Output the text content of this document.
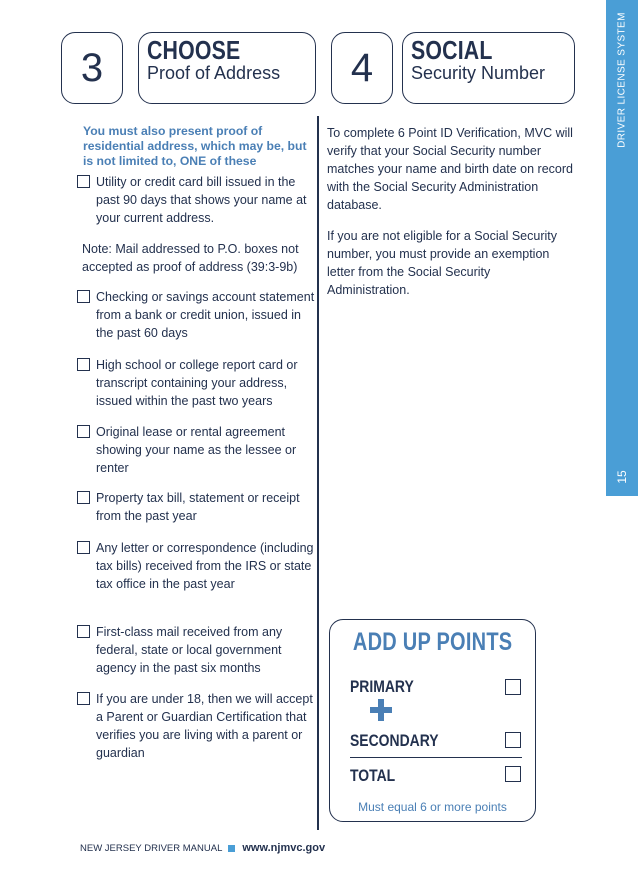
DRIVER LICENSE SYSTEM
15
3 CHOOSE
Proof of Address	4 SOCIAL
Security Number
You must also present proof of residential address, which may be, but is not limited to, ONE of these
Utility or credit card bill issued in the past 90 days that shows your name at your current address.
Note: Mail addressed to P.O. boxes not accepted as proof of address (39:3-9b)
Checking or savings account statement from a bank or credit union, issued in the past 60 days
High school or college report card or transcript containing your address, issued within the past two years
Original lease or rental agreement showing your name as the lessee or renter
Property tax bill, statement or receipt from the past year
Any letter or correspondence (including tax bills) received from the IRS or state tax office in the past year
First-class mail received from any federal, state or local government agency in the past six months
If you are under 18, then we will accept a Parent or Guardian Certification that verifies you are living with a parent or guardian
To complete 6 Point ID Verification, MVC will verify that your Social Security number matches your name and birth date on record with the Social Security Administration database.
If you are not eligible for a Social Security number, you must provide an exemption letter from the Social Security Administration.
ADD UP POINTS
PRIMARY
SECONDARY
TOTAL
Must equal 6 or more points
NEW JERSEY DRIVER MANUAL www.njmvc.gov
